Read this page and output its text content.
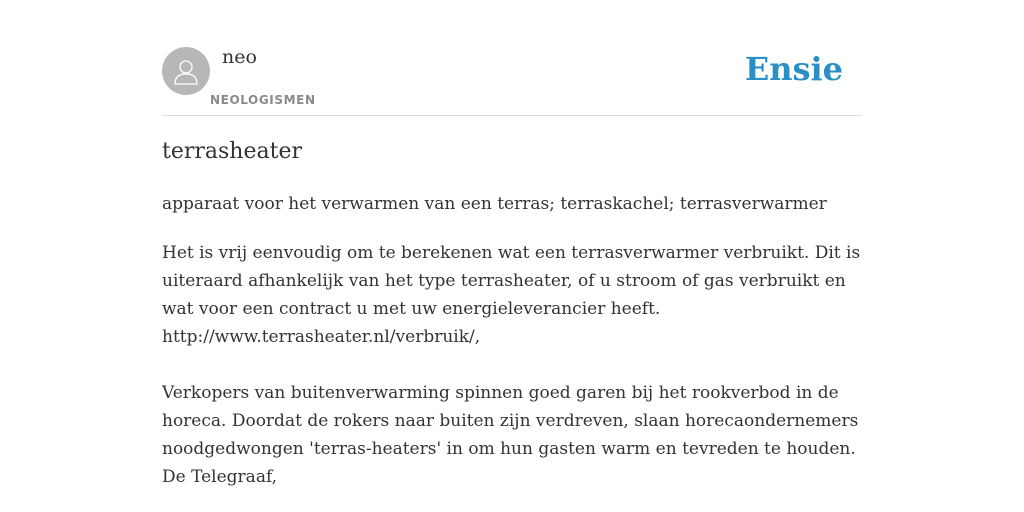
neo
NEOLOGISMEN
Ensie
terrasheater

apparaat voor het verwarmen van een terras; terraskachel; terrasverwarmer

Het is vrij eenvoudig om te berekenen wat een terrasverwarmer verbruikt. Dit is
uiteraard afhankelijk van het type terrasheater, of u stroom of gas verbruikt en
wat voor een contract u met uw energieleverancier heeft.
http://www.terrasheater.nl/verbruik/,

Verkopers van buitenverwarming spinnen goed garen bij het rookverbod in de
horeca. Doordat de rokers naar buiten zijn verdreven, slaan horecaondernemers
noodgedwongen 'terras-heaters' in om hun gasten warm en tevreden te houden.
De Telegraaf,
